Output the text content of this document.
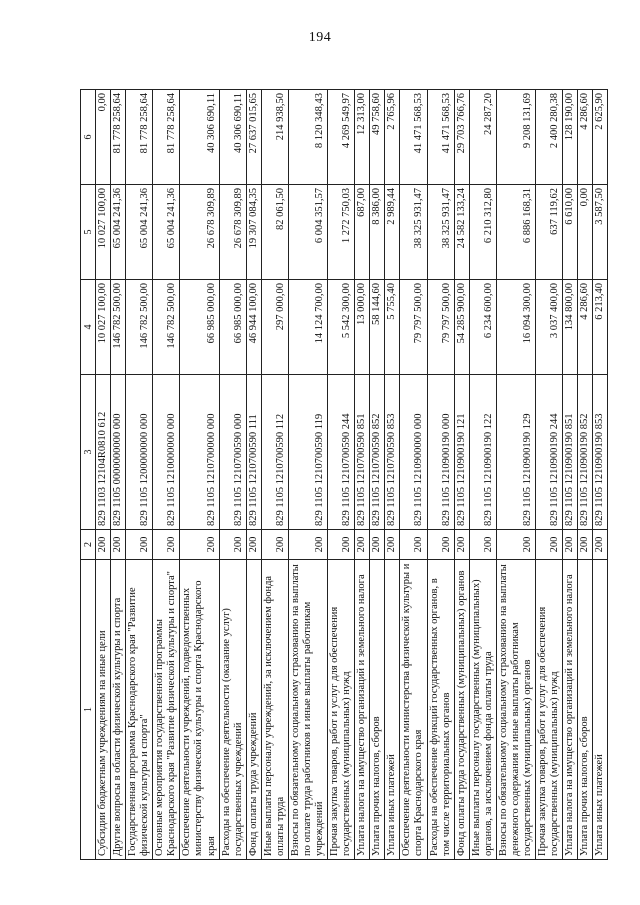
194
1	2	3	4	5	6
Субсидии бюджетным учреждениям на иные цели	200	829 1103 12104R0810 612	10 027 100,00	10 027 100,00	0,00
Другие вопросы в области физической культуры и спорта	200	829 1105 0000000000 000	146 782 500,00	65 004 241,36	81 778 258,64
Государственная программа Краснодарского края "Развитие физической культуры и спорта"	200	829 1105 1200000000 000	146 782 500,00	65 004 241,36	81 778 258,64
Основные мероприятия государственной программы Краснодарского края "Развитие физической культуры и спорта"	200	829 1105 1210000000 000	146 782 500,00	65 004 241,36	81 778 258,64
Обеспечение деятельности учреждений, подведомственных министерству физической культуры и спорта Краснодарского края	200	829 1105 1210700000 000	66 985 000,00	26 678 309,89	40 306 690,11
Расходы на обеспечение деятельности (оказание услуг) государственных учреждений	200	829 1105 1210700590 000	66 985 000,00	26 678 309,89	40 306 690,11
Фонд оплаты труда учреждений	200	829 1105 1210700590 111	46 944 100,00	19 307 084,35	27 637 015,65
Иные выплаты персоналу учреждений, за исключением фонда оплаты труда	200	829 1105 1210700590 112	297 000,00	82 061,50	214 938,50
Взносы по обязательному социальному страхованию на выплаты по оплате труда работников и иные выплаты работникам учреждений	200	829 1105 1210700590 119	14 124 700,00	6 004 351,57	8 120 348,43
Прочая закупка товаров, работ и услуг для обеспечения государственных (муниципальных) нужд	200	829 1105 1210700590 244	5 542 300,00	1 272 750,03	4 269 549,97
Уплата налога на имущество организаций и земельного налога	200	829 1105 1210700590 851	13 000,00	687,00	12 313,00
Уплата прочих налогов, сборов	200	829 1105 1210700590 852	58 144,60	8 386,00	49 758,60
Уплата иных платежей	200	829 1105 1210700590 853	5 755,40	2 989,44	2 765,96
Обеспечение деятельности министерства физической культуры и спорта Краснодарского края	200	829 1105 1210900000 000	79 797 500,00	38 325 931,47	41 471 568,53
Расходы на обеспечение функций государственных органов, в том числе территориальных органов	200	829 1105 1210900190 000	79 797 500,00	38 325 931,47	41 471 568,53
Фонд оплаты труда государственных (муниципальных) органов	200	829 1105 1210900190 121	54 285 900,00	24 582 133,24	29 703 766,76
Иные выплаты персоналу государственных (муниципальных) органов, за исключением фонда оплаты труда	200	829 1105 1210900190 122	6 234 600,00	6 210 312,80	24 287,20
Взносы по обязательному социальному страхованию на выплаты денежного содержания и иные выплаты работникам государственных (муниципальных) органов	200	829 1105 1210900190 129	16 094 300,00	6 886 168,31	9 208 131,69
Прочая закупка товаров, работ и услуг для обеспечения государственных (муниципальных) нужд	200	829 1105 1210900190 244	3 037 400,00	637 119,62	2 400 280,38
Уплата налога на имущество организаций и земельного налога	200	829 1105 1210900190 851	134 800,00	6 610,00	128 190,00
Уплата прочих налогов, сборов	200	829 1105 1210900190 852	4 286,60	0,00	4 286,60
Уплата иных платежей	200	829 1105 1210900190 853	6 213,40	3 587,50	2 625,90
